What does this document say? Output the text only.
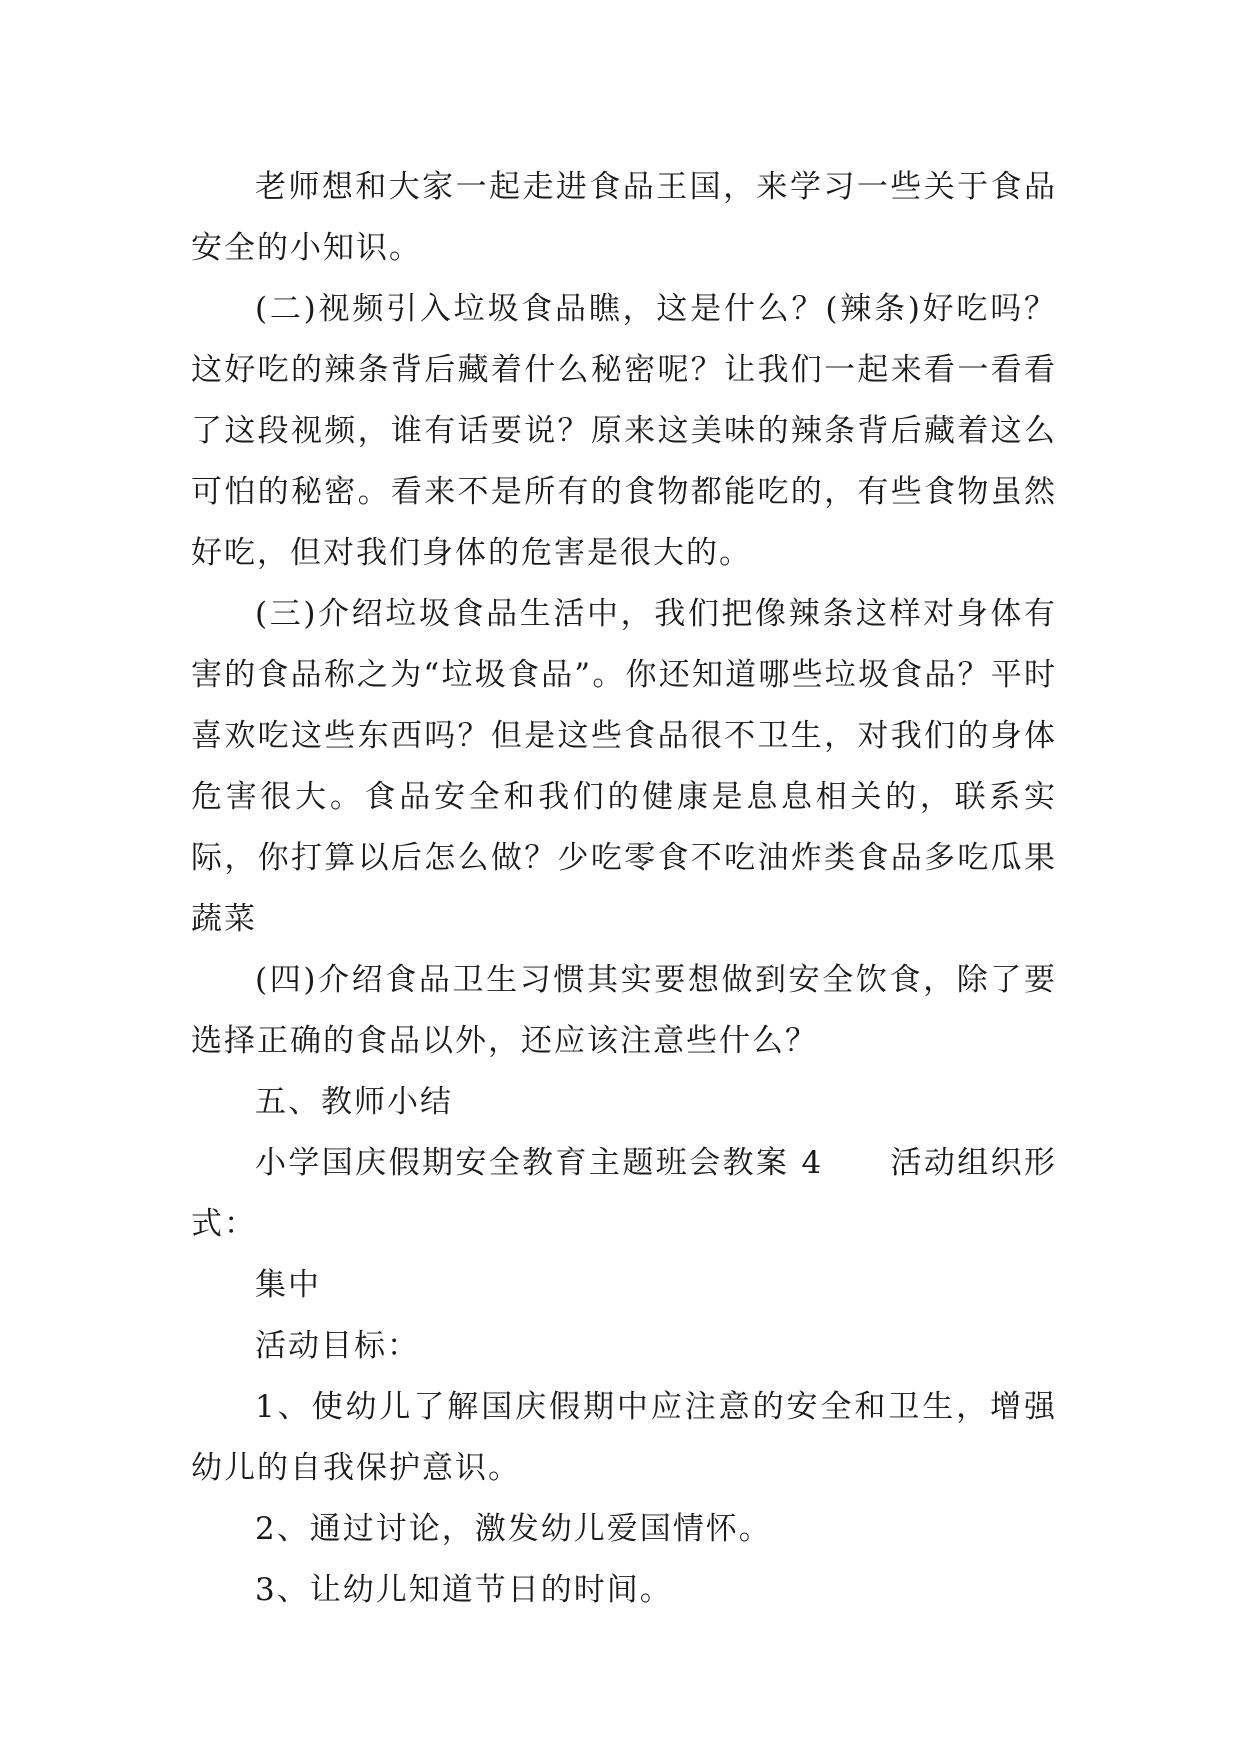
老师想和大家一起走进食品王国，来学习一些关于食品安全的小知识。

(二)视频引入垃圾食品瞧，这是什么？(辣条)好吃吗？这好吃的辣条背后藏着什么秘密呢？让我们一起来看一看看了这段视频，谁有话要说？原来这美味的辣条背后藏着这么可怕的秘密。看来不是所有的食物都能吃的，有些食物虽然好吃，但对我们身体的危害是很大的。

(三)介绍垃圾食品生活中，我们把像辣条这样对身体有害的食品称之为“垃圾食品”。你还知道哪些垃圾食品？平时喜欢吃这些东西吗？但是这些食品很不卫生，对我们的身体危害很大。食品安全和我们的健康是息息相关的，联系实际，你打算以后怎么做？少吃零食不吃油炸类食品多吃瓜果蔬菜

(四)介绍食品卫生习惯其实要想做到安全饮食，除了要选择正确的食品以外，还应该注意些什么？

五、教师小结

小学国庆假期安全教育主题班会教案 4　　活动组织形式：

集中

活动目标：

1、使幼儿了解国庆假期中应注意的安全和卫生，增强幼儿的自我保护意识。

2、通过讨论，激发幼儿爱国情怀。

3、让幼儿知道节日的时间。
